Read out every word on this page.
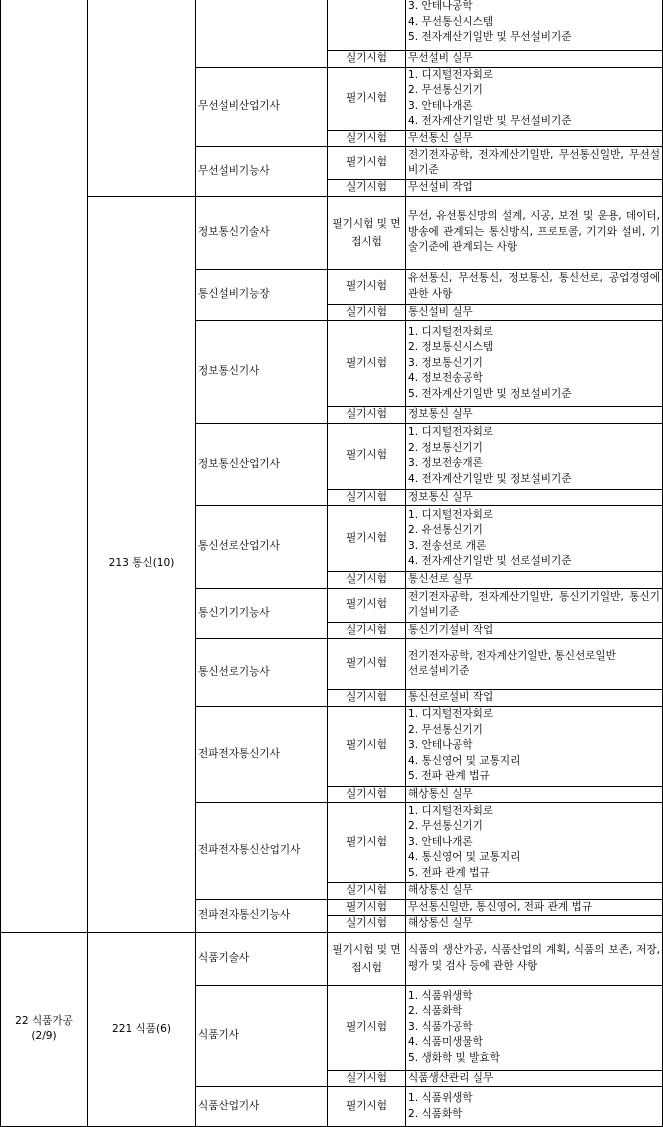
				3. 안테나공학
4. 무선통신시스템
5. 전자계산기일반 및 무선설비기준

			실기시험	무선설비 실무

		무선설비산업기사	필기시험	1. 디지털전자회로
2. 무선통신기기
3. 안테나개론
4. 전자계산기일반 및 무선설비기준

			실기시험	무선통신 실무

		무선설비기능사	필기시험	전기전자공학, 전자계산기일반, 무선통신일반, 무선설비기준

			실기시험	무선설비 작업

	213 통신(10)	정보통신기술사	필기시험 및 면접시험	무선, 유선통신망의 설계, 시공, 보전 및 운용, 데이터, 방송에 관계되는 통신방식, 프로토콜, 기기와 설비, 기술기준에 관계되는 사항

		통신설비기능장	필기시험	유선통신, 무선통신, 정보통신, 통신선로, 공업경영에 관한 사항

			실기시험	통신설비 실무

		정보통신기사	필기시험	1. 디지털전자회로
2. 정보통신시스템
3. 정보통신기기
4. 정보전송공학
5. 전자계산기일반 및 정보설비기준

			실기시험	정보통신 실무

		정보통신산업기사	필기시험	1. 디지털전자회로
2. 정보통신기기
3. 정보전송개론
4. 전자계산기일반 및 정보설비기준

			실기시험	정보통신 실무

		통신선로산업기사	필기시험	1. 디지털전자회로
2. 유선통신기기
3. 전송선로 개론
4. 전자계산기일반 및 선로설비기준

			실기시험	통신선로 실무

		통신기기기능사	필기시험	전기전자공학, 전자계산기일반, 통신기기일반, 통신기기설비기준

			실기시험	통신기기설비 작업

		통신선로기능사	필기시험	전기전자공학, 전자계산기일반, 통신선로일반
선로설비기준

			실기시험	통신선로설비 작업

		전파전자통신기사	필기시험	1. 디지털전자회로
2. 무선통신기기
3. 안테나공학
4. 통신영어 및 교통지리
5. 전파 관계 법규

			실기시험	해상통신 실무

		전파전자통신산업기사	필기시험	1. 디지털전자회로
2. 무선통신기기
3. 안테나개론
4. 통신영어 및 교통지리
5. 전파 관계 법규

			실기시험	해상통신 실무

		전파전자통신기능사	필기시험	무선통신일반, 통신영어, 전파 관계 법규

			실기시험	해상통신 실무

22 식품가공 (2/9)	221 식품(6)	식품기술사	필기시험 및 면접시험	식품의 생산가공, 식품산업의 계획, 식품의 보존, 저장, 평가 및 검사 등에 관한 사항

		식품기사	필기시험	1. 식품위생학
2. 식품화학
3. 식품가공학
4. 식품미생물학
5. 생화학 및 발효학

			실기시험	식품생산관리 실무

		식품산업기사	필기시험	1. 식품위생학
2. 식품화학
